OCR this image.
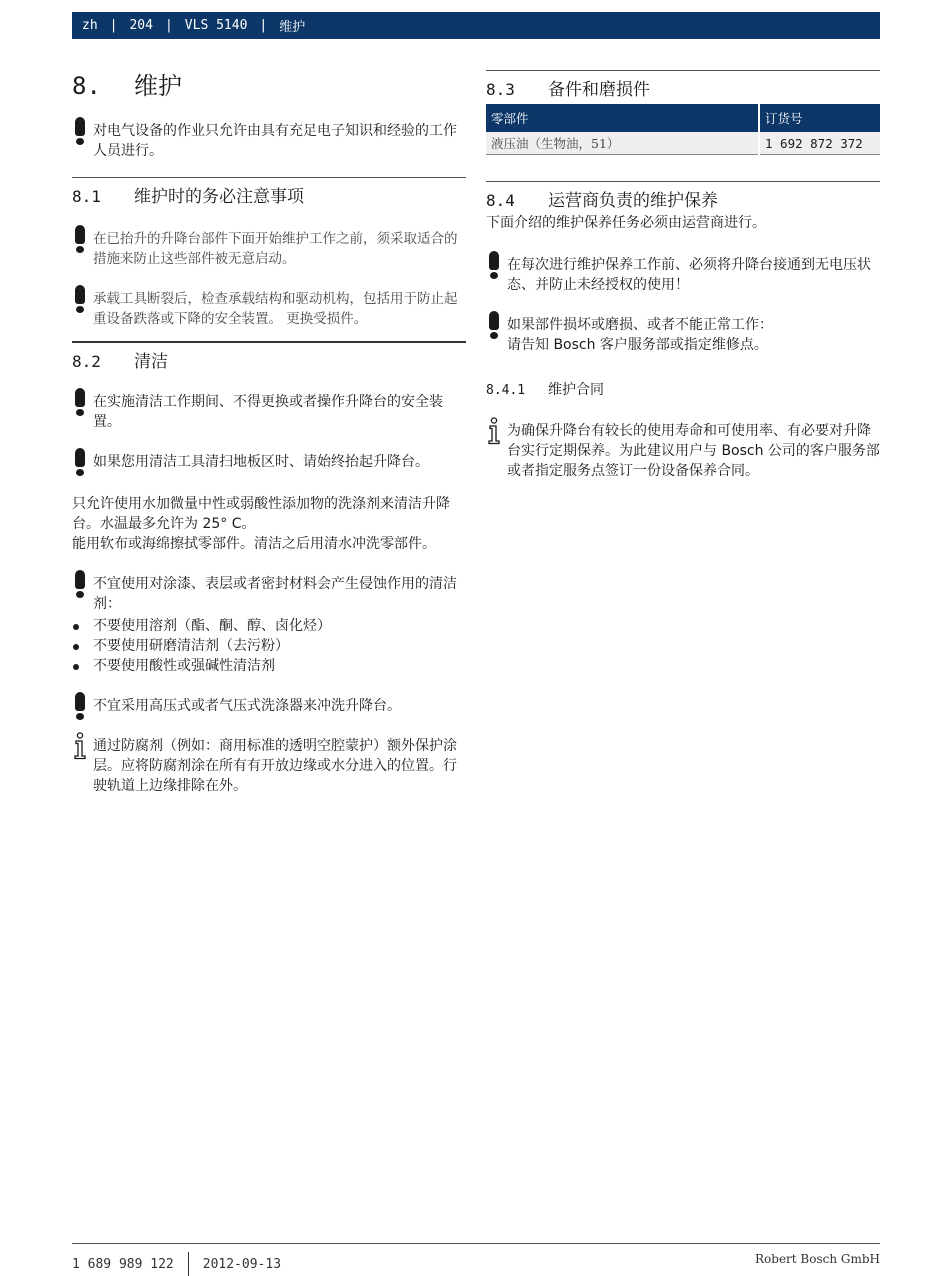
zh | 204 | VLS 5140 | 维护
8.	维护
对电气设备的作业只允许由具有充足电子知识和经验的工作人员进行。
8.1	维护时的务必注意事项
在已抬升的升降台部件下面开始维护工作之前，须采取适合的措施来防止这些部件被无意启动。
承载工具断裂后，检查承载结构和驱动机构，包括用于防止起重设备跌落或下降的安全装置。 更换受损件。
8.2	清洁
在实施清洁工作期间、不得更换或者操作升降台的安全装置。
如果您用清洁工具清扫地板区时、请始终抬起升降台。
只允许使用水加微量中性或弱酸性添加物的洗涤剂来清洁升降台。水温最多允许为 25° C。
能用软布或海绵擦拭零部件。清洁之后用清水冲洗零部件。
不宜使用对涂漆、表层或者密封材料会产生侵蚀作用的清洁剂：
不要使用溶剂（酯、酮、醇、卤化烃）
不要使用研磨清洁剂（去污粉）
不要使用酸性或强碱性清洁剂
不宜采用高压式或者气压式洗涤器来冲洗升降台。
通过防腐剂（例如：商用标准的透明空腔蒙护）额外保护涂层。应将防腐剂涂在所有有开放边缘或水分进入的位置。行驶轨道上边缘排除在外。
8.3	备件和磨损件
零部件	订货号
液压油（生物油，51）	1 692 872 372
8.4	运营商负责的维护保养
下面介绍的维护保养任务必须由运营商进行。
在每次进行维护保养工作前、必须将升降台接通到无电压状态、并防止未经授权的使用！
如果部件损坏或磨损、或者不能正常工作：
请告知 Bosch 客户服务部或指定维修点。
8.4.1	维护合同
为确保升降台有较长的使用寿命和可使用率、有必要对升降台实行定期保养。为此建议用户与 Bosch 公司的客户服务部或者指定服务点签订一份设备保养合同。
1 689 989 122 2012-09-13	Robert Bosch GmbH
